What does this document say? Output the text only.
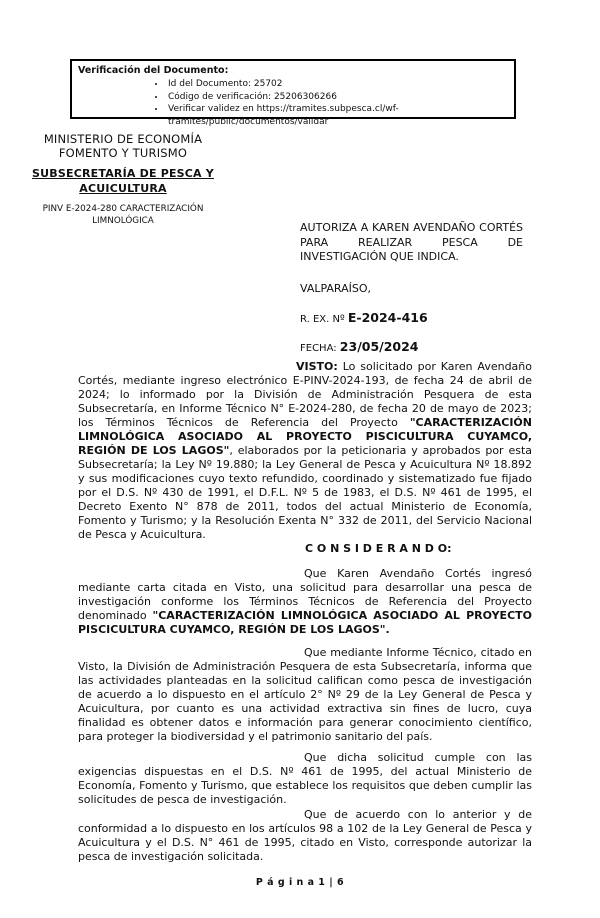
Verificación del Documento:
• Id del Documento: 25702
• Código de verificación: 25206306266
• Verificar validez en https://tramites.subpesca.cl/wf-tramites/public/documentos/validar
MINISTERIO DE ECONOMÍA
FOMENTO Y TURISMO
SUBSECRETARÍA DE PESCA Y ACUICULTURA
PINV E-2024-280 CARACTERIZACIÓN LIMNOLÓGICA	AUTORIZA A KAREN AVENDAÑO CORTÉS PARA REALIZAR PESCA DE INVESTIGACIÓN QUE INDICA.
VALPARAÍSO,
R. EX. Nº E-2024-416
FECHA: 23/05/2024

VISTO: Lo solicitado por Karen Avendaño Cortés, mediante ingreso electrónico E-PINV-2024-193, de fecha 24 de abril de 2024; lo informado por la División de Administración Pesquera de esta Subsecretaría, en Informe Técnico N° E-2024-280, de fecha 20 de mayo de 2023; los Términos Técnicos de Referencia del Proyecto "CARACTERIZACIÓN LIMNOLÓGICA ASOCIADO AL PROYECTO PISCICULTURA CUYAMCO, REGIÓN DE LOS LAGOS", elaborados por la peticionaria y aprobados por esta Subsecretaría; la Ley Nº 19.880; la Ley General de Pesca y Acuicultura Nº 18.892 y sus modificaciones cuyo texto refundido, coordinado y sistematizado fue fijado por el D.S. Nº 430 de 1991, el D.F.L. Nº 5 de 1983, el D.S. Nº 461 de 1995, el Decreto Exento N° 878 de 2011, todos del actual Ministerio de Economía, Fomento y Turismo; y la Resolución Exenta N° 332 de 2011, del Servicio Nacional de Pesca y Acuicultura.

C O N S I D E R A N D O:

Que Karen Avendaño Cortés ingresó mediante carta citada en Visto, una solicitud para desarrollar una pesca de investigación conforme los Términos Técnicos de Referencia del Proyecto denominado "CARACTERIZACIÓN LIMNOLÓGICA ASOCIADO AL PROYECTO PISCICULTURA CUYAMCO, REGIÓN DE LOS LAGOS".

Que mediante Informe Técnico, citado en Visto, la División de Administración Pesquera de esta Subsecretaría, informa que las actividades planteadas en la solicitud califican como pesca de investigación de acuerdo a lo dispuesto en el artículo 2° Nº 29 de la Ley General de Pesca y Acuicultura, por cuanto es una actividad extractiva sin fines de lucro, cuya finalidad es obtener datos e información para generar conocimiento científico, para proteger la biodiversidad y el patrimonio sanitario del país.

Que dicha solicitud cumple con las exigencias dispuestas en el D.S. Nº 461 de 1995, del actual Ministerio de Economía, Fomento y Turismo, que establece los requisitos que deben cumplir las solicitudes de pesca de investigación.

Que de acuerdo con lo anterior y de conformidad a lo dispuesto en los artículos 98 a 102 de la Ley General de Pesca y Acuicultura y el D.S. N° 461 de 1995, citado en Visto, corresponde autorizar la pesca de investigación solicitada.

P á g i n a 1 | 6
